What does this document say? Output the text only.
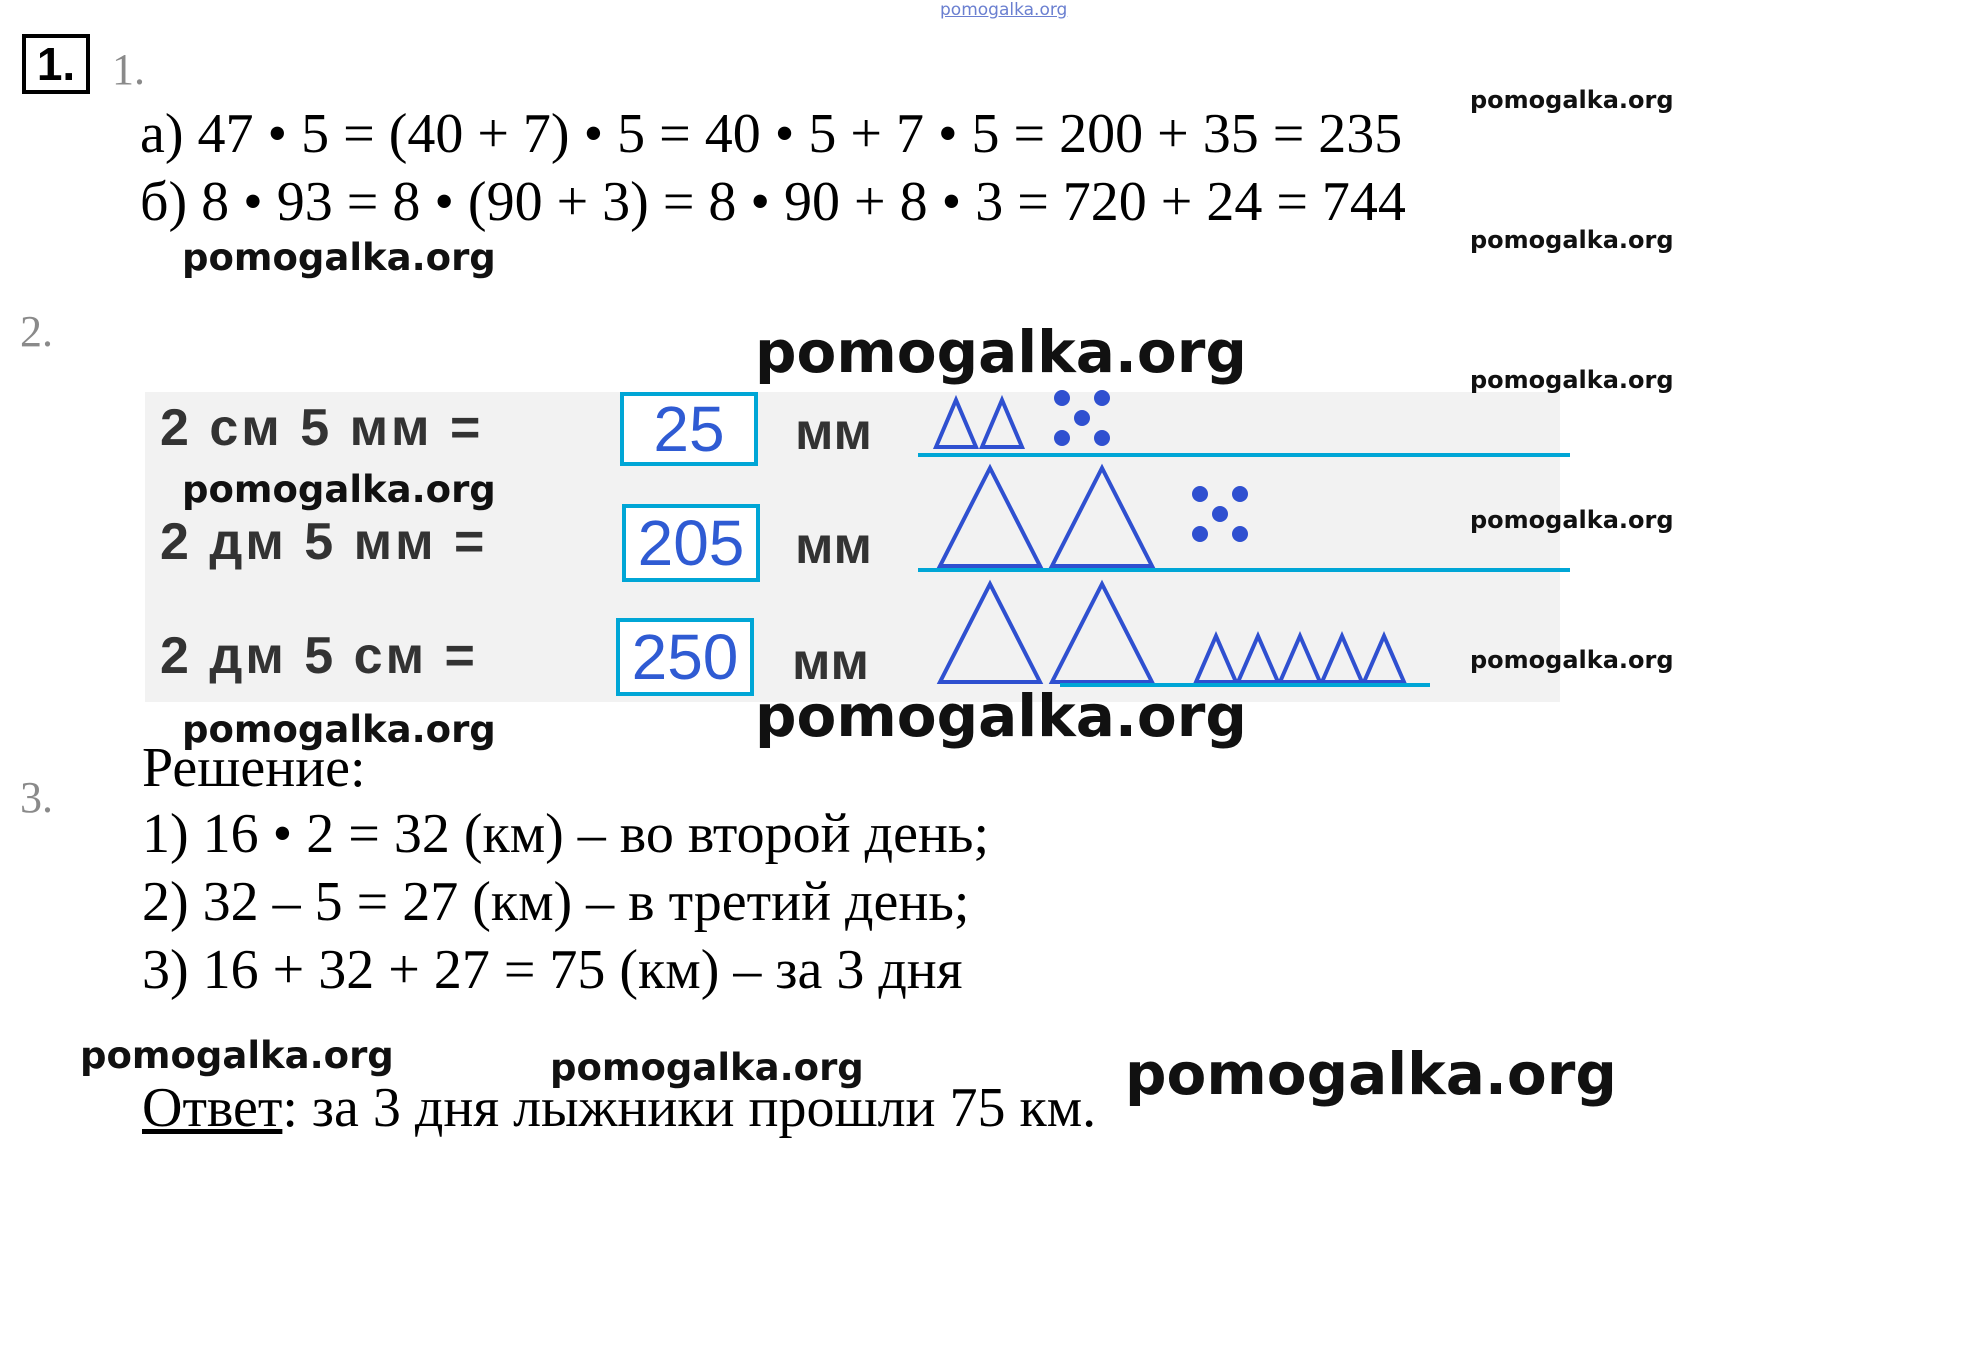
pomogalka.org
1. 1.
а) 47 • 5 = (40 + 7) • 5 = 40 • 5 + 7 • 5 = 200 + 35 = 235
б) 8 • 93 = 8 • (90 + 3) = 8 • 90 + 8 • 3 = 720 + 24 = 744
2.
2 см 5 мм =	25	мм
2 дм 5 мм = 205 мм
2 дм 5 см = 250	мм
3. Решение:
1) 16 • 2 = 32 (км) – во второй день;
2) 32 – 5 = 27 (км) – в третий день;
3) 16 + 32 + 27 = 75 (км) – за 3 дня
Ответ: за 3 дня лыжники прошли 75 км.
pomogalka.org
pomogalka.org
pomogalka.org
pomogalka.org
pomogalka.org
pomogalka.org
pomogalka.org
pomogalka.org
pomogalka.org	pomogalka.org
pomogalka.org
pomogalka.org
pomogalka.org
